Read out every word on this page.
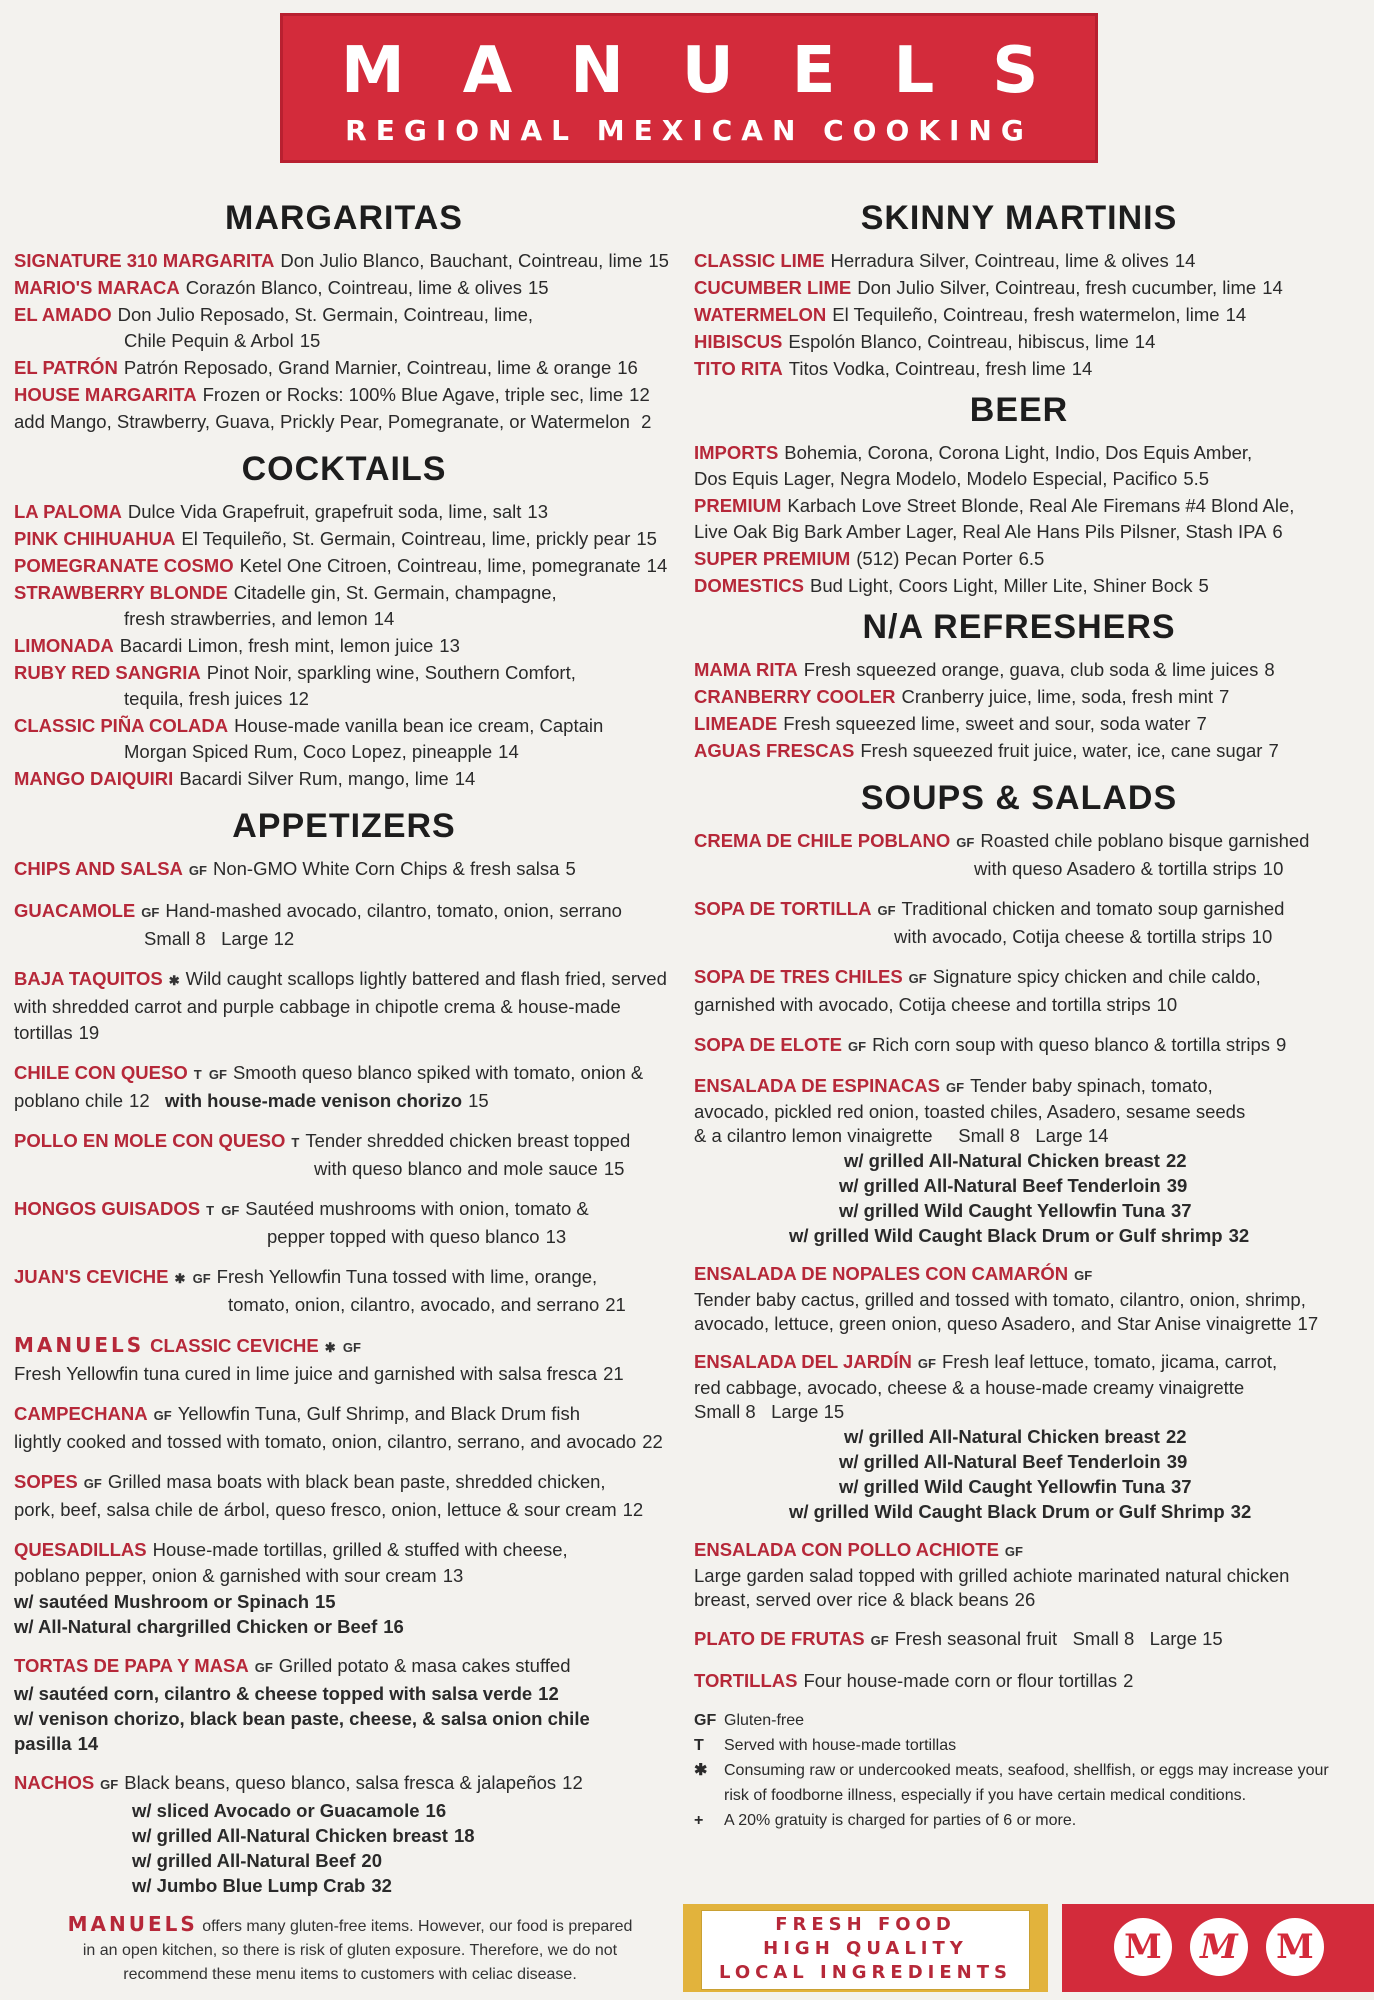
MANUELS
REGIONAL MEXICAN COOKING
MARGARITAS
SIGNATURE 310 MARGARITA Don Julio Blanco, Bauchant, Cointreau, lime 15
MARIO'S MARACA Corazón Blanco, Cointreau, lime & olives 15
EL AMADO Don Julio Reposado, St. Germain, Cointreau, lime,
Chile Pequin & Arbol 15
EL PATRÓN Patrón Reposado, Grand Marnier, Cointreau, lime & orange 16
HOUSE MARGARITA Frozen or Rocks: 100% Blue Agave, triple sec, lime 12
add Mango, Strawberry, Guava, Prickly Pear, Pomegranate, or Watermelon 2
COCKTAILS
LA PALOMA Dulce Vida Grapefruit, grapefruit soda, lime, salt 13
PINK CHIHUAHUA El Tequileño, St. Germain, Cointreau, lime, prickly pear 15
POMEGRANATE COSMO Ketel One Citroen, Cointreau, lime, pomegranate 14
STRAWBERRY BLONDE Citadelle gin, St. Germain, champagne,
fresh strawberries, and lemon 14
LIMONADA Bacardi Limon, fresh mint, lemon juice 13
RUBY RED SANGRIA Pinot Noir, sparkling wine, Southern Comfort,
tequila, fresh juices 12
CLASSIC PIÑA COLADA House-made vanilla bean ice cream, Captain
Morgan Spiced Rum, Coco Lopez, pineapple 14
MANGO DAIQUIRI Bacardi Silver Rum, mango, lime 14
APPETIZERS
CHIPS AND SALSA GF Non-GMO White Corn Chips & fresh salsa 5
GUACAMOLE GF Hand-mashed avocado, cilantro, tomato, onion, serrano
Small 8   Large 12
BAJA TAQUITOS ✱ Wild caught scallops lightly battered and flash fried, served with shredded carrot and purple cabbage in chipotle crema & house-made tortillas 19
CHILE CON QUESO T  GF Smooth queso blanco spiked with tomato, onion & poblano chile 12 with house-made venison chorizo 15
POLLO EN MOLE CON QUESO T Tender shredded chicken breast topped
with queso blanco and mole sauce 15
HONGOS GUISADOS T  GF Sautéed mushrooms with onion, tomato &
pepper topped with queso blanco 13
JUAN'S CEVICHE ✱  GF Fresh Yellowfin Tuna tossed with lime, orange,
tomato, onion, cilantro, avocado, and serrano 21
MANUELS CLASSIC CEVICHE ✱  GF
Fresh Yellowfin tuna cured in lime juice and garnished with salsa fresca 21
CAMPECHANA GF Yellowfin Tuna, Gulf Shrimp, and Black Drum fish
lightly cooked and tossed with tomato, onion, cilantro, serrano, and avocado 22
SOPES GF Grilled masa boats with black bean paste, shredded chicken,
pork, beef, salsa chile de árbol, queso fresco, onion, lettuce & sour cream 12
QUESADILLAS House-made tortillas, grilled & stuffed with cheese,
poblano pepper, onion & garnished with sour cream 13
w/ sautéed Mushroom or Spinach 15
w/ All-Natural chargrilled Chicken or Beef 16
TORTAS DE PAPA Y MASA GF Grilled potato & masa cakes stuffed
w/ sautéed corn, cilantro & cheese topped with salsa verde 12
w/ venison chorizo, black bean paste, cheese, & salsa onion chile pasilla 14
NACHOS GF Black beans, queso blanco, salsa fresca & jalapeños 12
w/ sliced Avocado or Guacamole 16
w/ grilled All-Natural Chicken breast 18
w/ grilled All-Natural Beef 20
w/ Jumbo Blue Lump Crab 32
SKINNY MARTINIS
CLASSIC LIME Herradura Silver, Cointreau, lime & olives 14
CUCUMBER LIME Don Julio Silver, Cointreau, fresh cucumber, lime 14
WATERMELON El Tequileño, Cointreau, fresh watermelon, lime 14
HIBISCUS Espolón Blanco, Cointreau, hibiscus, lime 14
TITO RITA Titos Vodka, Cointreau, fresh lime 14
BEER
IMPORTS Bohemia, Corona, Corona Light, Indio, Dos Equis Amber,
Dos Equis Lager, Negra Modelo, Modelo Especial, Pacifico 5.5
PREMIUM Karbach Love Street Blonde, Real Ale Firemans #4 Blond Ale,
Live Oak Big Bark Amber Lager, Real Ale Hans Pils Pilsner, Stash IPA 6
SUPER PREMIUM (512) Pecan Porter 6.5
DOMESTICS Bud Light, Coors Light, Miller Lite, Shiner Bock 5
N/A REFRESHERS
MAMA RITA Fresh squeezed orange, guava, club soda & lime juices 8
CRANBERRY COOLER Cranberry juice, lime, soda, fresh mint 7
LIMEADE Fresh squeezed lime, sweet and sour, soda water 7
AGUAS FRESCAS Fresh squeezed fruit juice, water, ice, cane sugar 7
SOUPS & SALADS
CREMA DE CHILE POBLANO GF Roasted chile poblano bisque garnished
with queso Asadero & tortilla strips 10
SOPA DE TORTILLA GF Traditional chicken and tomato soup garnished
with avocado, Cotija cheese & tortilla strips 10
SOPA DE TRES CHILES GF Signature spicy chicken and chile caldo,
garnished with avocado, Cotija cheese and tortilla strips 10
SOPA DE ELOTE GF Rich corn soup with queso blanco & tortilla strips 9
ENSALADA DE ESPINACAS GF Tender baby spinach, tomato,
avocado, pickled red onion, toasted chiles, Asadero, sesame seeds
& a cilantro lemon vinaigrette Small 8   Large 14
w/ grilled All-Natural Chicken breast 22
w/ grilled All-Natural Beef Tenderloin 39
w/ grilled Wild Caught Yellowfin Tuna 37
w/ grilled Wild Caught Black Drum or Gulf shrimp 32
ENSALADA DE NOPALES CON CAMARÓN GF
Tender baby cactus, grilled and tossed with tomato, cilantro, onion, shrimp,
avocado, lettuce, green onion, queso Asadero, and Star Anise vinaigrette 17
ENSALADA DEL JARDÍN GF Fresh leaf lettuce, tomato, jicama, carrot,
red cabbage, avocado, cheese & a house-made creamy vinaigrette
Small 8   Large 15
w/ grilled All-Natural Chicken breast 22
w/ grilled All-Natural Beef Tenderloin 39
w/ grilled Wild Caught Yellowfin Tuna 37
w/ grilled Wild Caught Black Drum or Gulf Shrimp 32
ENSALADA CON POLLO ACHIOTE GF
Large garden salad topped with grilled achiote marinated natural chicken
breast, served over rice & black beans 26
PLATO DE FRUTAS GF Fresh seasonal fruit Small 8   Large 15
TORTILLAS Four house-made corn or flour tortillas 2
GF Gluten-free
T Served with house-made tortillas
✱ Consuming raw or undercooked meats, seafood, shellfish, or eggs may increase your
risk of foodborne illness, especially if you have certain medical conditions.
+ A 20% gratuity is charged for parties of 6 or more.
MANUELS offers many gluten-free items. However, our food is prepared
in an open kitchen, so there is risk of gluten exposure. Therefore, we do not
recommend these menu items to customers with celiac disease.
FRESH FOOD
HIGH QUALITY
LOCAL INGREDIENTS
M M M
